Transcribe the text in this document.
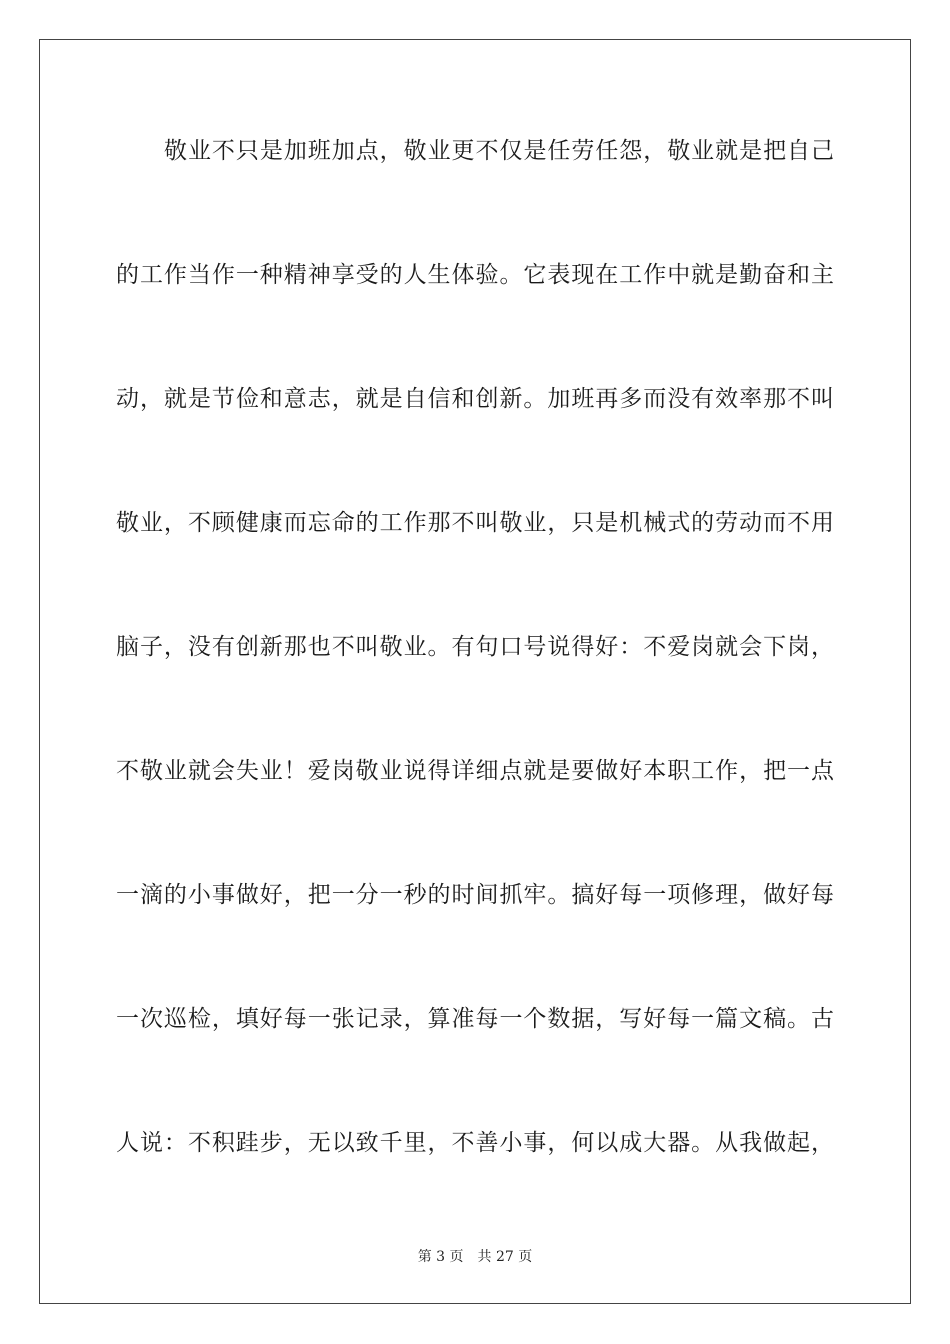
敬业不只是加班加点，敬业更不仅是任劳任怨，敬业就是把自己
的工作当作一种精神享受的人生体验。它表现在工作中就是勤奋和主
动，就是节俭和意志，就是自信和创新。加班再多而没有效率那不叫
敬业，不顾健康而忘命的工作那不叫敬业，只是机械式的劳动而不用
脑子，没有创新那也不叫敬业。有句口号说得好：不爱岗就会下岗，
不敬业就会失业！爱岗敬业说得详细点就是要做好本职工作，把一点
一滴的小事做好，把一分一秒的时间抓牢。搞好每一项修理，做好每
一次巡检，填好每一张记录，算准每一个数据，写好每一篇文稿。古
人说：不积跬步，无以致千里，不善小事，何以成大器。从我做起，
第 3 页 共 27 页
